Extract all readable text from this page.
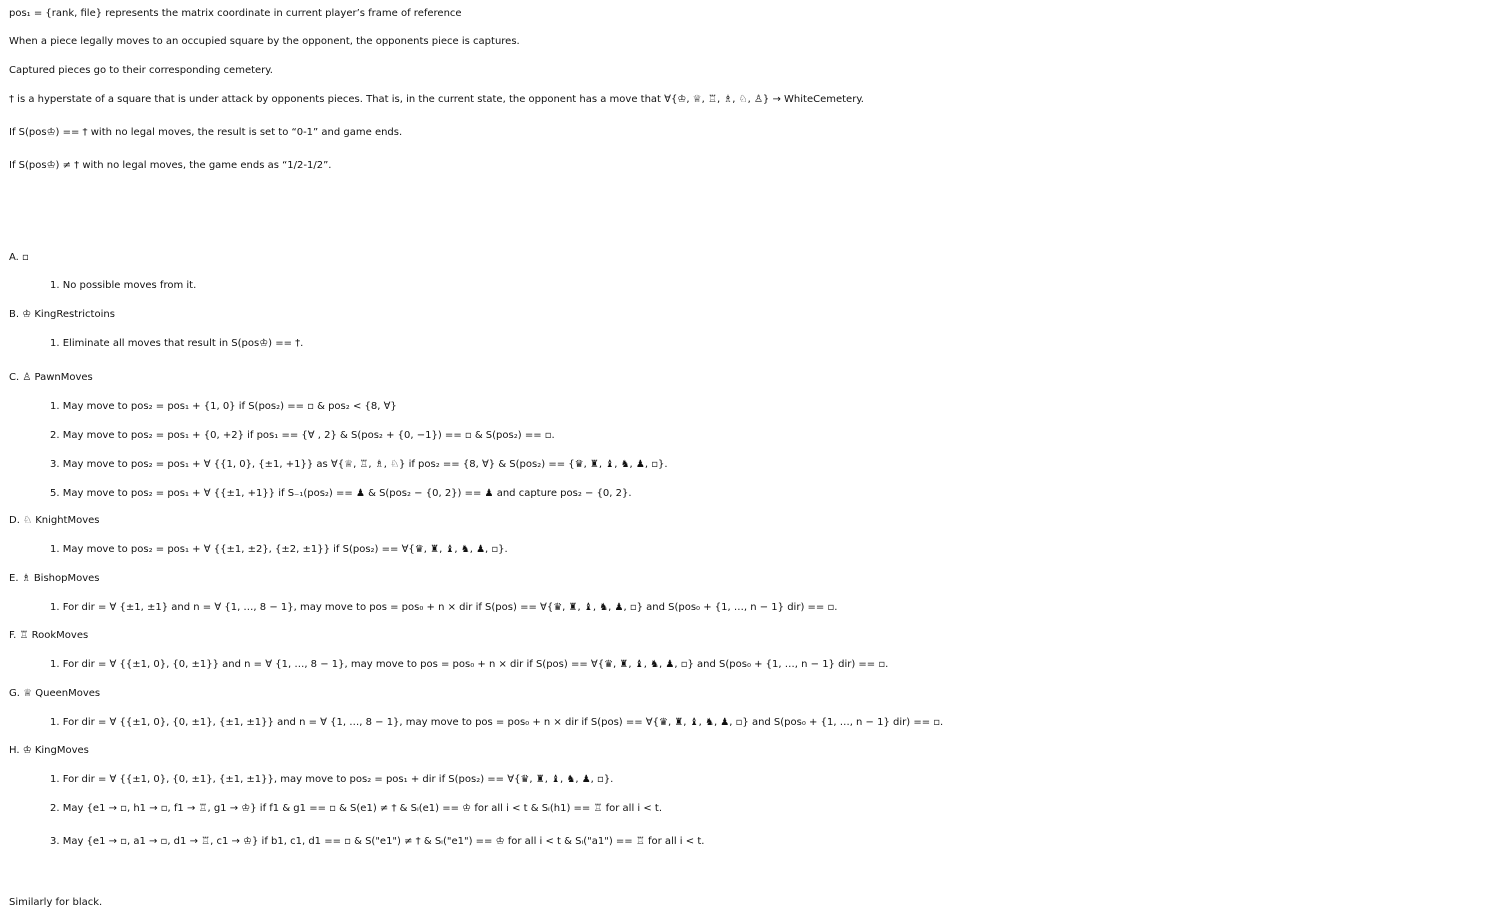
pos₁ = {rank, file} represents the matrix coordinate in current player’s frame of reference
When a piece legally moves to an occupied square by the opponent, the opponents piece is captures.
Captured pieces go to their corresponding cemetery.
† is a hyperstate of a square that is under attack by opponents pieces. That is, in the current state, the opponent has a move that ∀{♔, ♕, ♖, ♗, ♘, ♙} → WhiteCemetery.
If S(pos♔) == † with no legal moves, the result is set to “0-1” and game ends.
If S(pos♔) ≠ † with no legal moves, the game ends as “1/2-1/2”.
A. ▫
1. No possible moves from it.
B. ♔ KingRestrictoins
1. Eliminate all moves that result in S(pos♔) == †.
C. ♙ PawnMoves
1. May move to pos₂ = pos₁ + {1, 0} if S(pos₂) == ▫ & pos₂ < {8, ∀}
2. May move to pos₂ = pos₁ + {0, +2} if pos₁ == {∀ , 2} & S(pos₂ + {0, −1}) == ▫ & S(pos₂) == ▫.
3. May move to pos₂ = pos₁ + ∀ {{1, 0}, {±1, +1}} as ∀{♕, ♖, ♗, ♘} if pos₂ == {8, ∀} & S(pos₂) == {♛, ♜, ♝, ♞, ♟, ▫}.
5. May move to pos₂ = pos₁ + ∀ {{±1, +1}} if S₋₁(pos₂) == ♟ & S(pos₂ − {0, 2}) == ♟ and capture pos₂ − {0, 2}.
D. ♘ KnightMoves
1. May move to pos₂ = pos₁ + ∀ {{±1, ±2}, {±2, ±1}} if S(pos₂) == ∀{♛, ♜, ♝, ♞, ♟, ▫}.
E. ♗ BishopMoves
1. For dir = ∀ {±1, ±1} and n = ∀ {1, …, 8 − 1}, may move to pos = pos₀ + n × dir if S(pos) == ∀{♛, ♜, ♝, ♞, ♟, ▫} and S(pos₀ + {1, …, n − 1} dir) == ▫.
F. ♖ RookMoves
1. For dir = ∀ {{±1, 0}, {0, ±1}} and n = ∀ {1, …, 8 − 1}, may move to pos = pos₀ + n × dir if S(pos) == ∀{♛, ♜, ♝, ♞, ♟, ▫} and S(pos₀ + {1, …, n − 1} dir) == ▫.
G. ♕ QueenMoves
1. For dir = ∀ {{±1, 0}, {0, ±1}, {±1, ±1}} and n = ∀ {1, …, 8 − 1}, may move to pos = pos₀ + n × dir if S(pos) == ∀{♛, ♜, ♝, ♞, ♟, ▫} and S(pos₀ + {1, …, n − 1} dir) == ▫.
H. ♔ KingMoves
1. For dir = ∀ {{±1, 0}, {0, ±1}, {±1, ±1}}, may move to pos₂ = pos₁ + dir if S(pos₂) == ∀{♛, ♜, ♝, ♞, ♟, ▫}.
2. May {e1 → ▫, h1 → ▫, f1 → ♖, g1 → ♔} if f1 & g1 == ▫ & S(e1) ≠ † & Sᵢ(e1) == ♔ for all i < t & Sᵢ(h1) == ♖ for all i < t.
3. May {e1 → ▫, a1 → ▫, d1 → ♖, c1 → ♔} if b1, c1, d1 == ▫ & S("e1") ≠ † & Sᵢ("e1") == ♔ for all i < t & Sᵢ("a1") == ♖ for all i < t.
Similarly for black.
